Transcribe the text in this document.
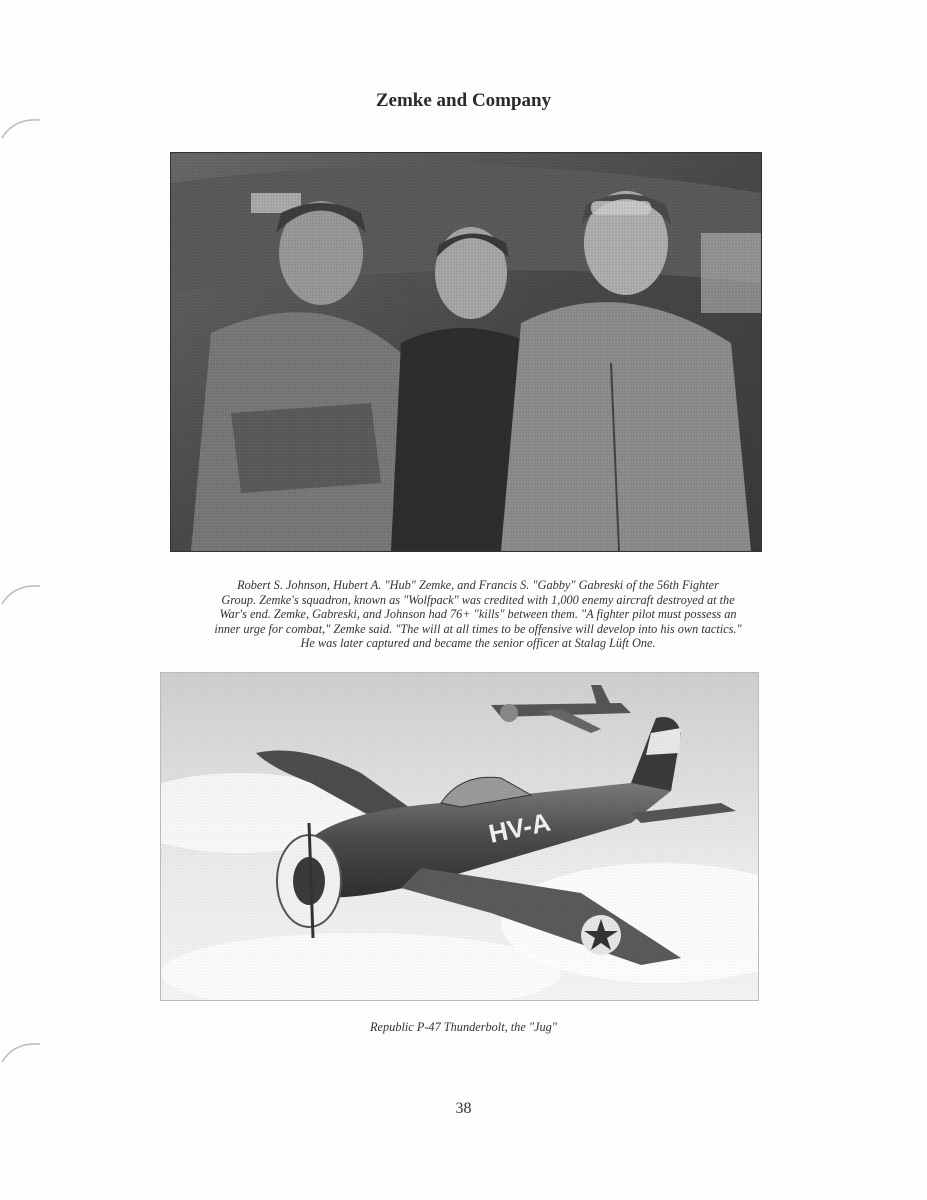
Zemke and Company
Robert S. Johnson, Hubert A. "Hub" Zemke, and Francis S. "Gabby" Gabreski of the 56th Fighter
Group. Zemke's squadron, known as "Wolfpack" was credited with 1,000 enemy aircraft destroyed at the
War's end. Zemke, Gabreski, and Johnson had 76+ "kills" between them. "A fighter pilot must possess an
inner urge for combat," Zemke said. "The will at all times to be offensive will develop into his own tactics."
He was later captured and became the senior officer at Stalag Lüft One.
Republic P-47 Thunderbolt, the "Jug"
38
